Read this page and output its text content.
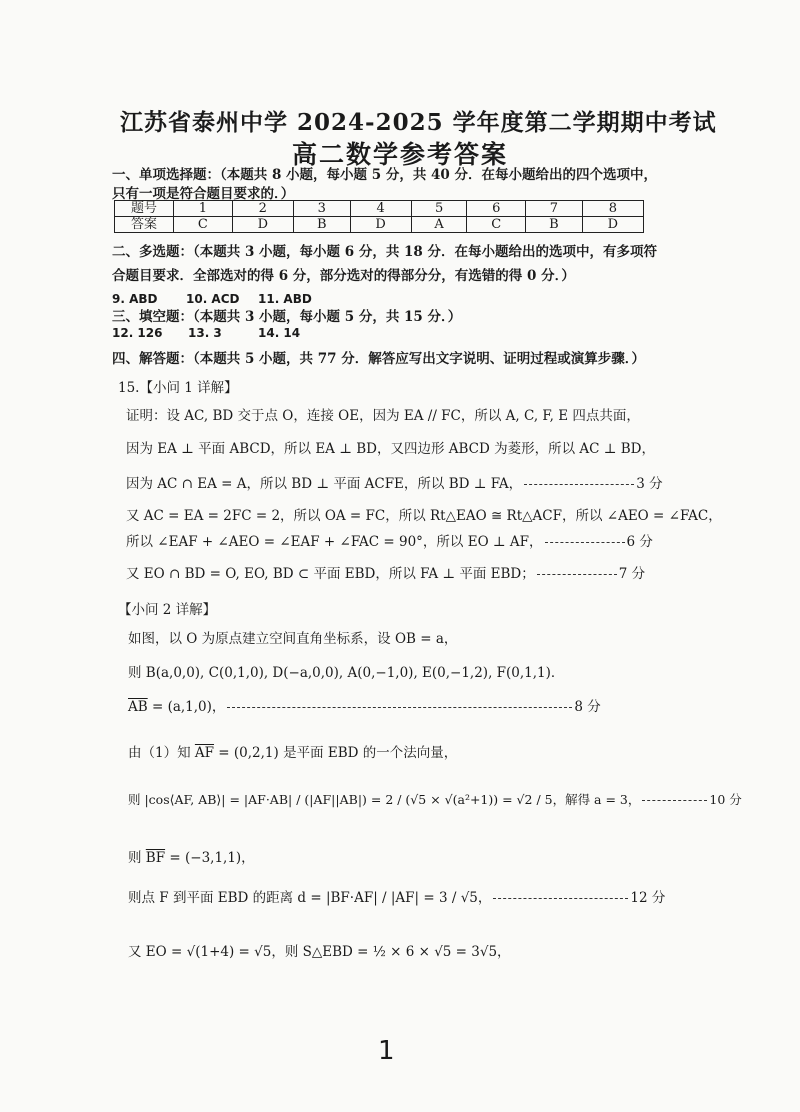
江苏省泰州中学 2024-2025 学年度第二学期期中考试
高二数学参考答案
一、单项选择题：（本题共 8 小题，每小题 5 分，共 40 分．在每小题给出的四个选项中，
只有一项是符合题目要求的．）
题号	1	2	3	4	5	6	7	8
答案	C	D	B	D	A	C	B	D
二、多选题：（本题共 3 小题，每小题 6 分，共 18 分．在每小题给出的选项中，有多项符
合题目要求．全部选对的得 6 分，部分选对的得部分分，有选错的得 0 分．）
9. ABD 10. ACD 11. ABD
三、填空题：（本题共 3 小题，每小题 5 分，共 15 分．）
12. 126 13. 3	14. 14
四、解答题：（本题共 5 小题，共 77 分．解答应写出文字说明、证明过程或演算步骤．）
15.【小问 1 详解】
证明：设 AC, BD 交于点 O，连接 OE，因为 EA // FC，所以 A, C, F, E 四点共面，
因为 EA ⊥ 平面 ABCD，所以 EA ⊥ BD，又四边形 ABCD 为菱形，所以 AC ⊥ BD，
因为 AC ∩ EA = A，所以 BD ⊥ 平面 ACFE，所以 BD ⊥ FA，	3 分
又 AC = EA = 2FC = 2，所以 OA = FC，所以 Rt△EAO ≅ Rt△ACF，所以 ∠AEO = ∠FAC，
所以 ∠EAF + ∠AEO = ∠EAF + ∠FAC = 90°，所以 EO ⊥ AF，	6 分
又 EO ∩ BD = O, EO, BD ⊂ 平面 EBD，所以 FA ⊥ 平面 EBD；	7 分
【小问 2 详解】
如图，以 O 为原点建立空间直角坐标系，设 OB = a，
则 B(a,0,0), C(0,1,0), D(−a,0,0), A(0,−1,0), E(0,−1,2), F(0,1,1)．
$\overline{AB} = (a,1,0)$，	8 分
由（1）知 $\overline{AF} = (0,2,1)$ 是平面 EBD 的一个法向量，
则 |cos⟨AF, AB⟩| = |AF·AB| / (|AF||AB|) = 2 / (√5 × √(a²+1)) = √2 / 5，解得 a = 3，	10 分
则 $\overline{BF} = (-3,1,1)$，
则点 F 到平面 EBD 的距离 d = |BF·AF| / |AF| = 3 / √5，	12 分
又 EO = √(1+4) = √5，则 S△EBD = ½ × 6 × √5 = 3√5，
1
